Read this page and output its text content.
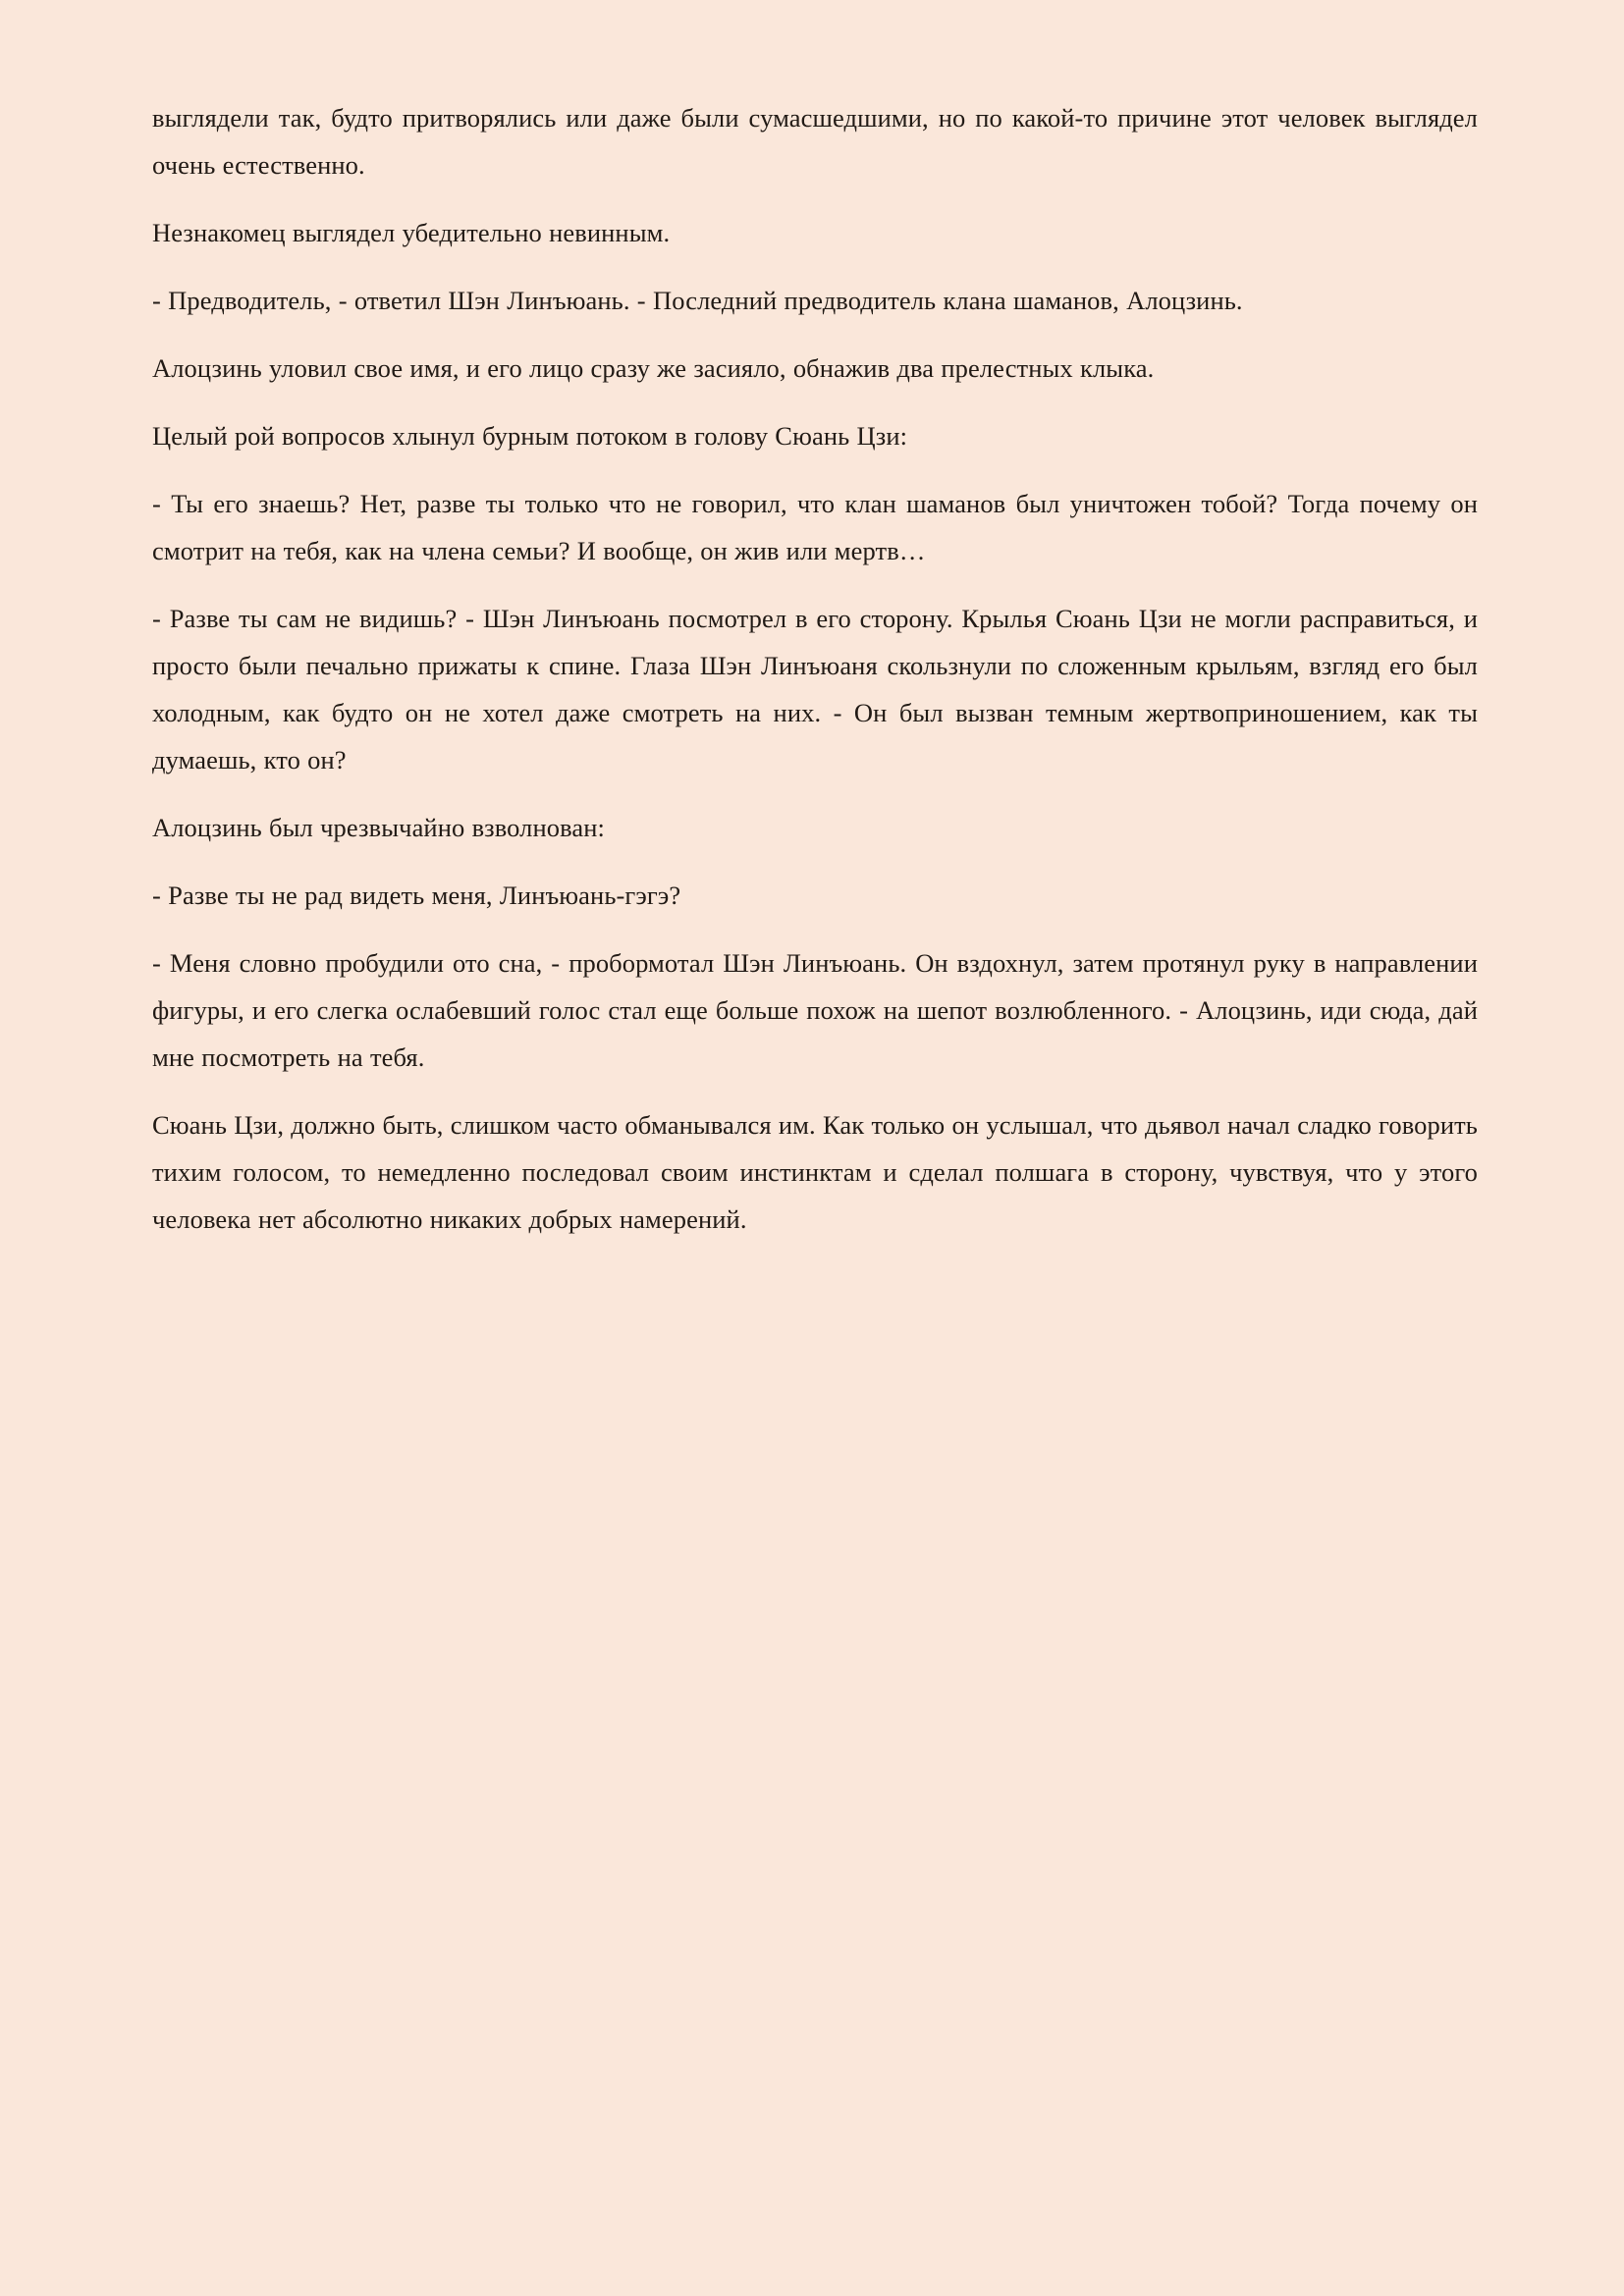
выглядели так, будто притворялись или даже были сумасшедшими, но по какой-то причине этот человек выглядел очень естественно.

Незнакомец выглядел убедительно невинным.

- Предводитель, - ответил Шэн Линъюань. - Последний предводитель клана шаманов, Алоцзинь.

Алоцзинь уловил свое имя, и его лицо сразу же засияло, обнажив два прелестных клыка.

Целый рой вопросов хлынул бурным потоком в голову Сюань Цзи:

- Ты его знаешь? Нет, разве ты только что не говорил, что клан шаманов был уничтожен тобой? Тогда почему он смотрит на тебя, как на члена семьи? И вообще, он жив или мертв…

- Разве ты сам не видишь? - Шэн Линъюань посмотрел в его сторону. Крылья Сюань Цзи не могли расправиться, и просто были печально прижаты к спине. Глаза Шэн Линъюаня скользнули по сложенным крыльям, взгляд его был холодным, как будто он не хотел даже смотреть на них. - Он был вызван темным жертвоприношением, как ты думаешь, кто он?

Алоцзинь был чрезвычайно взволнован:

- Разве ты не рад видеть меня, Линъюань-гэгэ?

- Меня словно пробудили ото сна, - пробормотал Шэн Линъюань. Он вздохнул, затем протянул руку в направлении фигуры, и его слегка ослабевший голос стал еще больше похож на шепот возлюбленного. - Алоцзинь, иди сюда, дай мне посмотреть на тебя.

Сюань Цзи, должно быть, слишком часто обманывался им. Как только он услышал, что дьявол начал сладко говорить тихим голосом, то немедленно последовал своим инстинктам и сделал полшага в сторону, чувствуя, что у этого человека нет абсолютно никаких добрых намерений.
